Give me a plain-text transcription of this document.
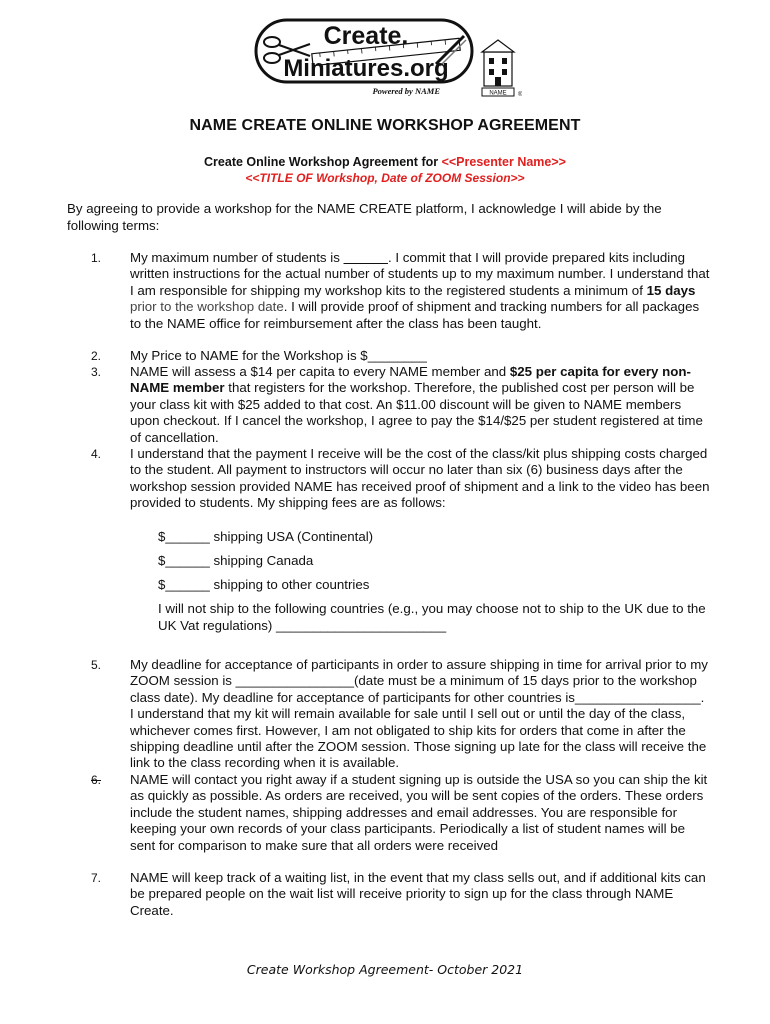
Create.
Miniatures.org
Powered by NAME	NAME ®
NAME CREATE ONLINE WORKSHOP AGREEMENT
Create Online Workshop Agreement for <<Presenter Name>>
<<TITLE OF Workshop, Date of ZOOM Session>>
By agreeing to provide a workshop for the NAME CREATE platform, I acknowledge I will abide by the following terms:
1.	My maximum number of students is ______. I commit that I will provide prepared kits including written instructions for the actual number of students up to my maximum number. I understand that I am responsible for shipping my workshop kits to the registered students a minimum of 15 days prior to the workshop date. I will provide proof of shipment and tracking numbers for all packages to the NAME office for reimbursement after the class has been taught.
2.	My Price to NAME for the Workshop is $________
3.	NAME will assess a $14 per capita to every NAME member and $25 per capita for every non-NAME member that registers for the workshop. Therefore, the published cost per person will be your class kit with $25 added to that cost. An $11.00 discount will be given to NAME members upon checkout. If I cancel the workshop, I agree to pay the $14/$25 per student registered at time of cancellation.
4.	I understand that the payment I receive will be the cost of the class/kit plus shipping costs charged to the student. All payment to instructors will occur no later than six (6) business days after the workshop session provided NAME has received proof of shipment and a link to the video has been provided to students. My shipping fees are as follows:
$______ shipping USA (Continental)
$______ shipping Canada
$______ shipping to other countries
I will not ship to the following countries (e.g., you may choose not to ship to the UK due to the UK Vat regulations) _______________________
5.	My deadline for acceptance of participants in order to assure shipping in time for arrival prior to my ZOOM session is ________________(date must be a minimum of 15 days prior to the workshop class date). My deadline for acceptance of participants for other countries is_________________. I understand that my kit will remain available for sale until I sell out or until the day of the class, whichever comes first. However, I am not obligated to ship kits for orders that come in after the shipping deadline until after the ZOOM session. Those signing up late for the class will receive the link to the class recording when it is available.
6.	NAME will contact you right away if a student signing up is outside the USA so you can ship the kit as quickly as possible. As orders are received, you will be sent copies of the orders. These orders include the student names, shipping addresses and email addresses. You are responsible for keeping your own records of your class participants. Periodically a list of student names will be sent for comparison to make sure that all orders were received
7.	NAME will keep track of a waiting list, in the event that my class sells out, and if additional kits can be prepared people on the wait list will receive priority to sign up for the class through NAME Create.
Create Workshop Agreement- October 2021
